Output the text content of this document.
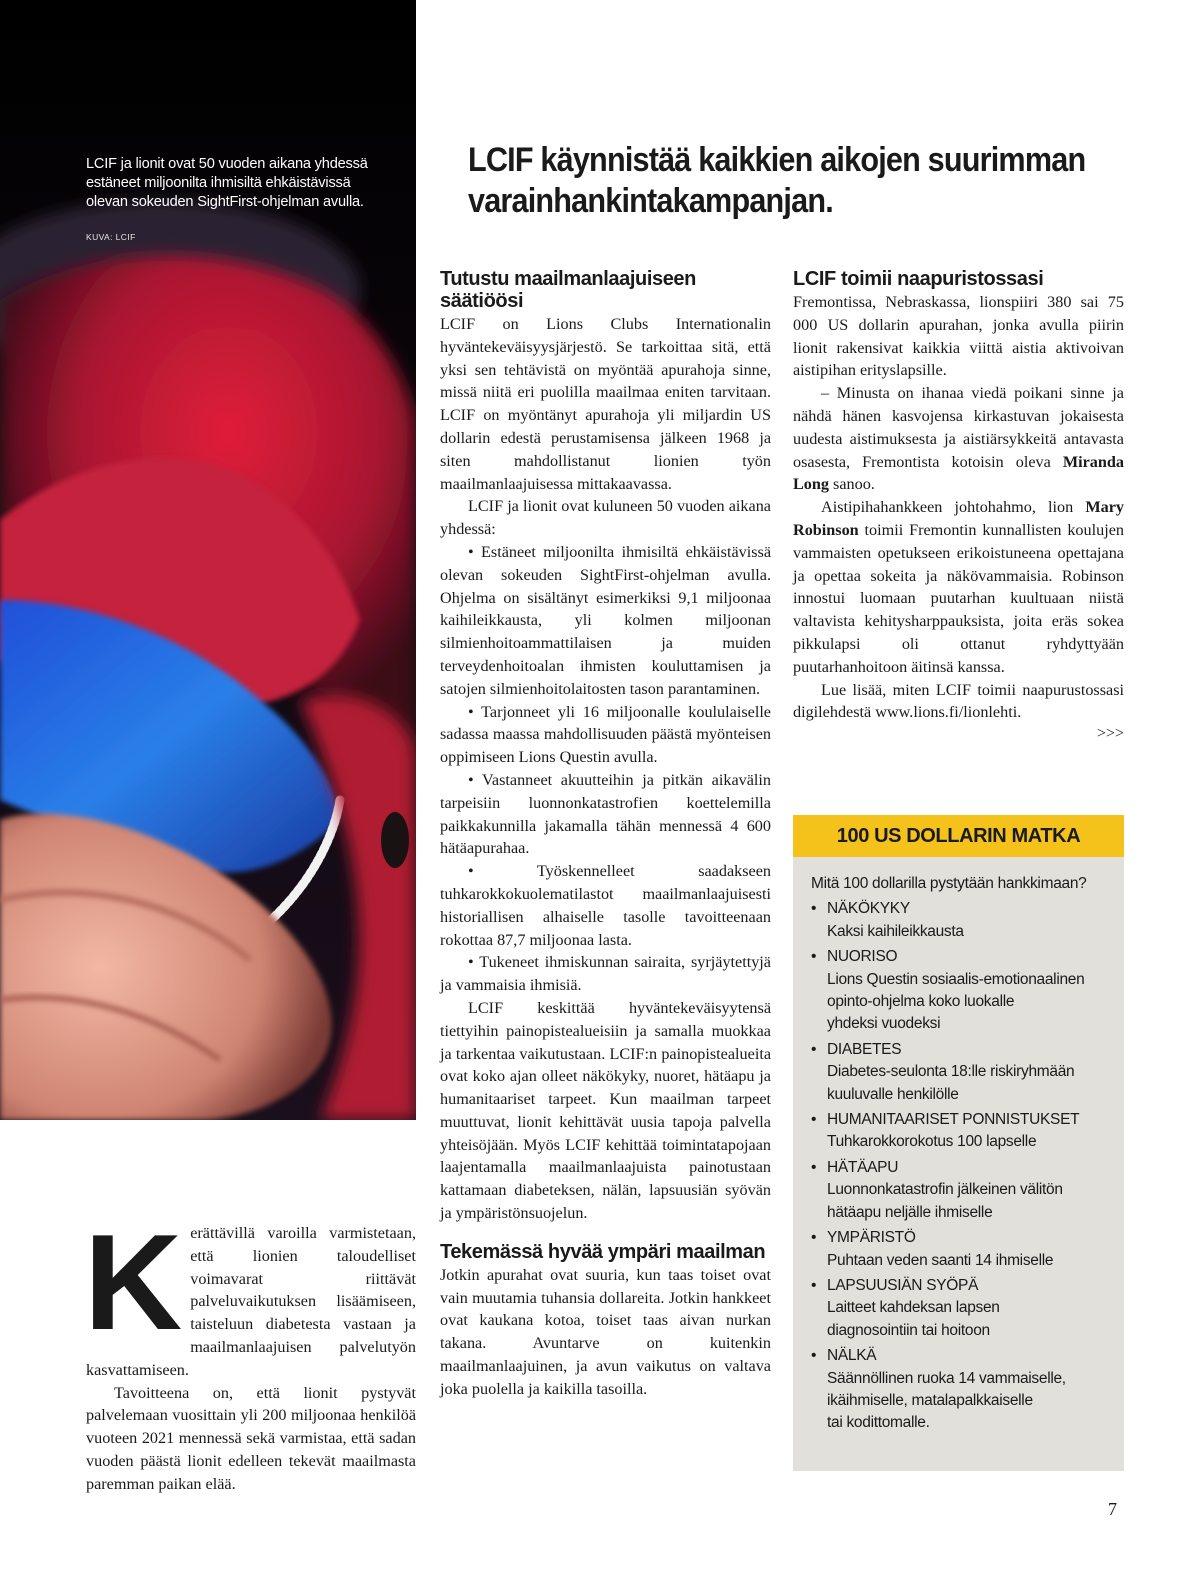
LCIF ja lionit ovat 50 vuoden aikana yhdessä estäneet miljoonilta ihmisiltä ehkäistävissä olevan sokeuden SightFirst-ohjelman avulla.
KUVA: LCIF
LCIF käynnistää kaikkien aikojen suurimman varainhankintakampanjan.

Kerättävillä varoilla varmistetaan, että lionien taloudelliset voimavarat riittävät palveluvaikutuksen lisäämiseen, taisteluun diabetesta vastaan ja maailmanlaajuisen palvelutyön kasvattamiseen.

Tavoitteena on, että lionit pystyvät palvelemaan vuosittain yli 200 miljoonaa henkilöä vuoteen 2021 mennessä sekä varmistaa, että sadan vuoden päästä lionit edelleen tekevät maailmasta paremman paikan elää.

Tutustu maailmanlaajuiseen säätiöösi

LCIF on Lions Clubs Internationalin hyväntekeväisyysjärjestö. Se tarkoittaa sitä, että yksi sen tehtävistä on myöntää apurahoja sinne, missä niitä eri puolilla maailmaa eniten tarvitaan. LCIF on myöntänyt apurahoja yli miljardin US dollarin edestä perustamisensa jälkeen 1968 ja siten mahdollistanut lionien työn maailmanlaajuisessa mittakaavassa.

LCIF ja lionit ovat kuluneen 50 vuoden aikana yhdessä:

• Estäneet miljoonilta ihmisiltä ehkäistävissä olevan sokeuden SightFirst-ohjelman avulla. Ohjelma on sisältänyt esimerkiksi 9,1 miljoonaa kaihileikkausta, yli kolmen miljoonan silmienhoitoammattilaisen ja muiden terveydenhoitoalan ihmisten kouluttamisen ja satojen silmienhoitolaitosten tason parantaminen.

• Tarjonneet yli 16 miljoonalle koululaiselle sadassa maassa mahdollisuuden päästä myönteisen oppimiseen Lions Questin avulla.

• Vastanneet akuutteihin ja pitkän aikavälin tarpeisiin luonnonkatastrofien koettelemilla paikkakunnilla jakamalla tähän mennessä 4 600 hätäapurahaa.

• Työskennelleet saadakseen tuhkarokkokuolematilastot maailmanlaajuisesti historiallisen alhaiselle tasolle tavoitteenaan rokottaa 87,7 miljoonaa lasta.

• Tukeneet ihmiskunnan sairaita, syrjäytettyjä ja vammaisia ihmisiä.

LCIF keskittää hyväntekeväisyytensä tiettyihin painopistealueisiin ja samalla muokkaa ja tarkentaa vaikutustaan. LCIF:n painopistealueita ovat koko ajan olleet näkökyky, nuoret, hätäapu ja humanitaariset tarpeet. Kun maailman tarpeet muuttuvat, lionit kehittävät uusia tapoja palvella yhteisöjään. Myös LCIF kehittää toimintatapojaan laajentamalla maailmanlaajuista painotustaan kattamaan diabeteksen, nälän, lapsuusiän syövän ja ympäristönsuojelun.

Tekemässä hyvää ympäri maailman

Jotkin apurahat ovat suuria, kun taas toiset ovat vain muutamia tuhansia dollareita. Jotkin hankkeet ovat kaukana kotoa, toiset taas aivan nurkan takana. Avuntarve on kuitenkin maailmanlaajuinen, ja avun vaikutus on valtava joka puolella ja kaikilla tasoilla.

LCIF toimii naapuristossasi

Fremontissa, Nebraskassa, lionspiiri 380 sai 75 000 US dollarin apurahan, jonka avulla piirin lionit rakensivat kaikkia viittä aistia aktivoivan aistipihan erityslapsille.

– Minusta on ihanaa viedä poikani sinne ja nähdä hänen kasvojensa kirkastuvan jokaisesta uudesta aistimuksesta ja aistiärsykkeitä antavasta osasesta, Fremontista kotoisin oleva Miranda Long sanoo.

Aistipihahankkeen johtohahmo, lion Mary Robinson toimii Fremontin kunnallisten koulujen vammaisten opetukseen erikoistuneena opettajana ja opettaa sokeita ja näkövammaisia. Robinson innostui luomaan puutarhan kuultuaan niistä valtavista kehitysharppauksista, joita eräs sokea pikkulapsi oli ottanut ryhdyttyään puutarhanhoitoon äitinsä kanssa.

Lue lisää, miten LCIF toimii naapurustossasi digilehdestä www.lions.fi/lionlehti.

>>>
100 US DOLLARIN MATKA
Mitä 100 dollarilla pystytään hankkimaan?
• NÄKÖKYKY
Kaksi kaihileikkausta
• NUORISO
Lions Questin sosiaalis-emotionaalinen
opinto-ohjelma koko luokalle
yhdeksi vuodeksi
• DIABETES
Diabetes-seulonta 18:lle riskiryhmään
kuuluvalle henkilölle
• HUMANITAARISET PONNISTUKSET
Tuhkarokkorokotus 100 lapselle
• HÄTÄAPU
Luonnonkatastrofin jälkeinen välitön
hätäapu neljälle ihmiselle
• YMPÄRISTÖ
Puhtaan veden saanti 14 ihmiselle
• LAPSUUSIÄN SYÖPÄ
Laitteet kahdeksan lapsen
diagnosointiin tai hoitoon
• NÄLKÄ
Säännöllinen ruoka 14 vammaiselle,
ikäihmiselle, matalapalkkaiselle
tai kodittomalle.
7
